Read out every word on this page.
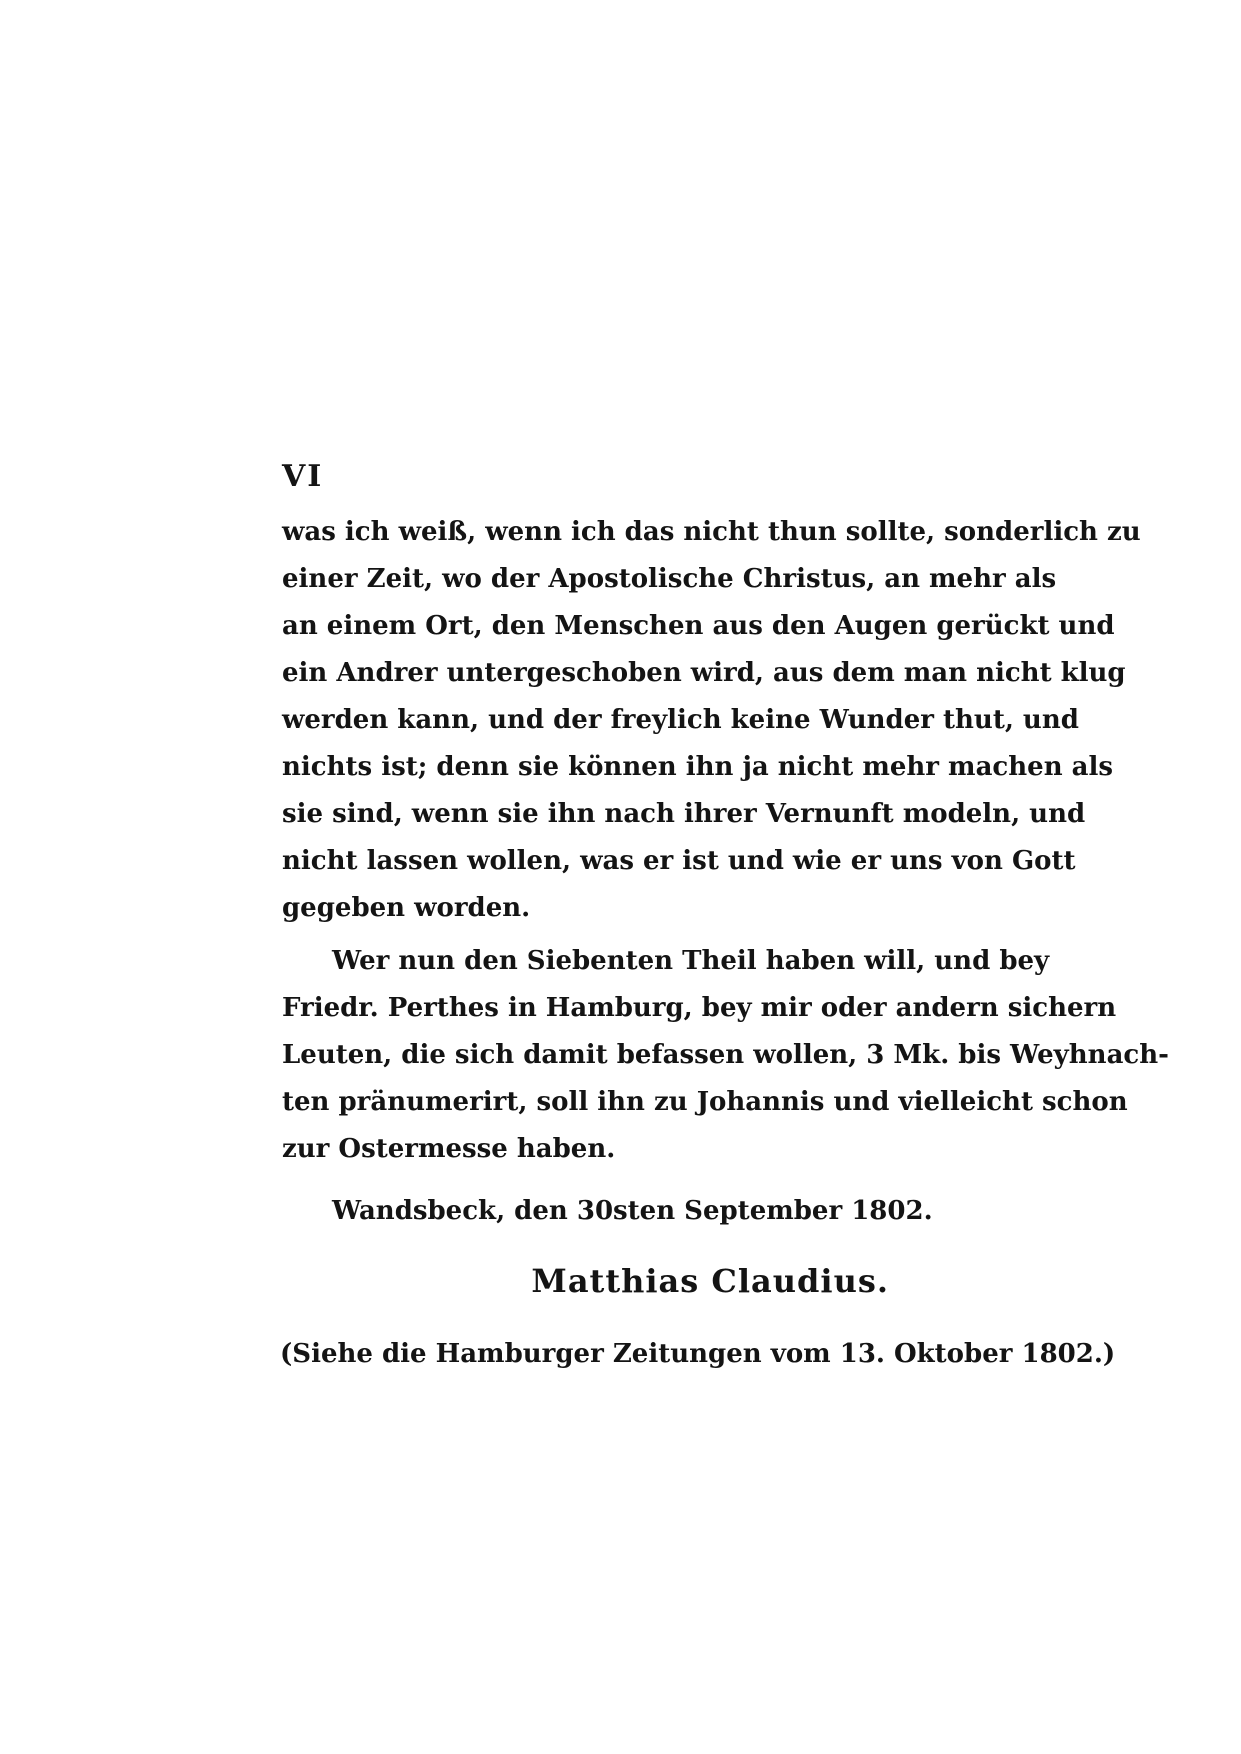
VI
was ich weiß, wenn ich das nicht thun sollte, sonderlich zu
einer Zeit, wo der Apostolische Christus, an mehr als
an einem Ort, den Menschen aus den Augen gerückt und
ein Andrer untergeschoben wird, aus dem man nicht klug
werden kann, und der freylich keine Wunder thut, und
nichts ist; denn sie können ihn ja nicht mehr machen als
sie sind, wenn sie ihn nach ihrer Vernunft modeln, und
nicht lassen wollen, was er ist und wie er uns von Gott
gegeben worden.
Wer nun den Siebenten Theil haben will, und bey
Friedr. Perthes in Hamburg, bey mir oder andern sichern
Leuten, die sich damit befassen wollen, 3 Mk. bis Weyhnach-
ten pränumerirt, soll ihn zu Johannis und vielleicht schon
zur Ostermesse haben.
Wandsbeck, den 30sten September 1802.
Matthias Claudius.
(Siehe die Hamburger Zeitungen vom 13. Oktober 1802.)
